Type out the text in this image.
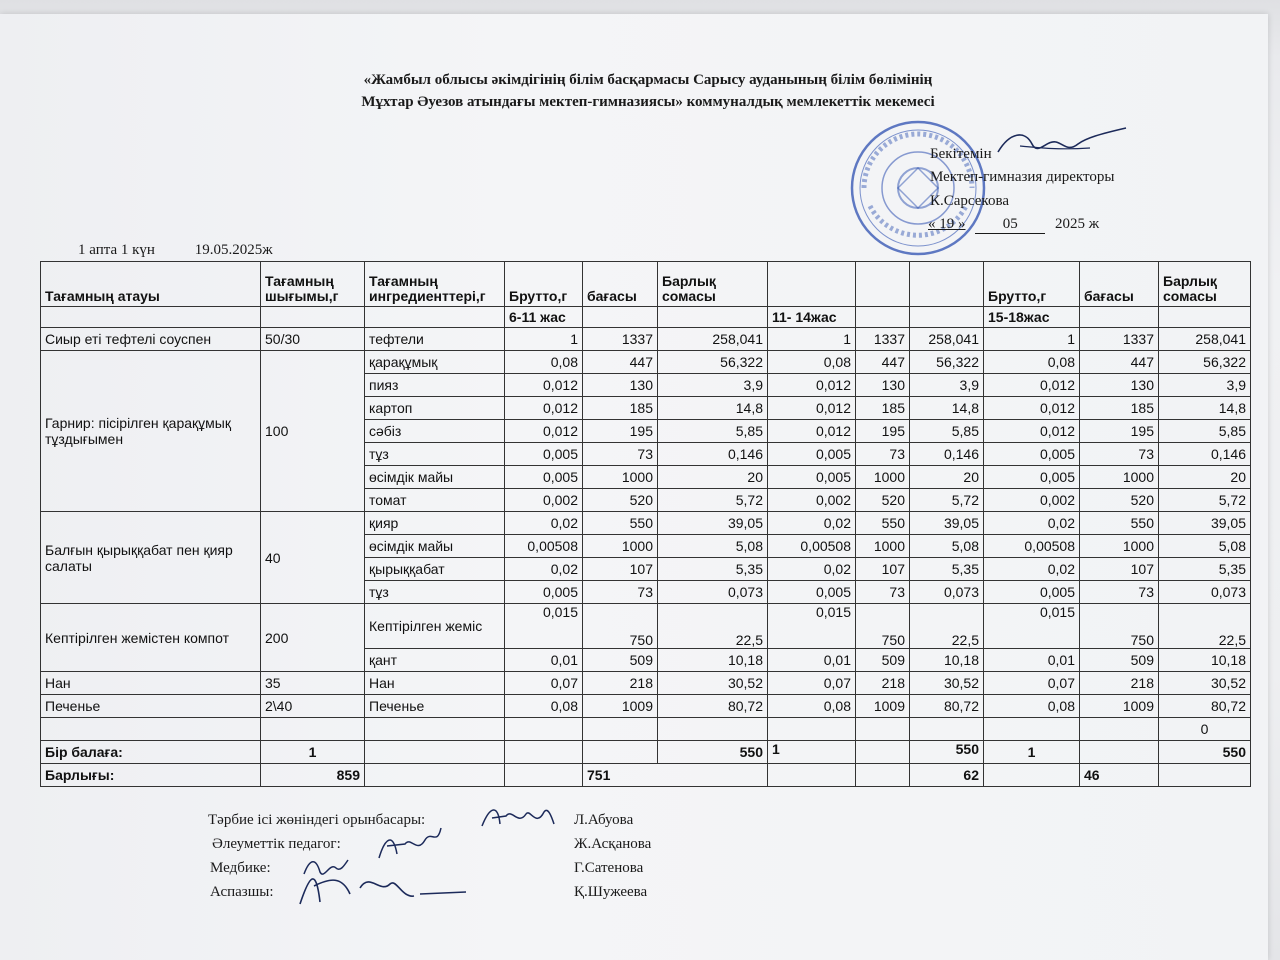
«Жамбыл облысы әкімдігінің білім басқармасы Сарысу ауданының білім бөлімінің
Мұхтар Әуезов атындағы мектеп-гимназиясы» коммуналдық мемлекеттік мекемесі
Бекітемін
Мектеп-гимназия директоры
К.Сарсекова
« 19 » 05 2025 ж
1 апта 1 күн	19.05.2025ж
Тағамның атауы	Тағамның шығымы,г	Тағамның ингредиенттері,г	Брутто,г	бағасы	Барлық сомасы				Брутто,г	бағасы	Барлық сомасы
			6-11 жас			11- 14жас			15-18жас		
Сиыр еті тефтелі соуспен	50/30	тефтели	1	1337	258,041	1	1337	258,041	1	1337	258,041
Гарнир: пісірілген қарақұмық тұздығымен	100	қарақұмық	0,08	447	56,322	0,08	447	56,322	0,08	447	56,322
		пияз	0,012	130	3,9	0,012	130	3,9	0,012	130	3,9
		картоп	0,012	185	14,8	0,012	185	14,8	0,012	185	14,8
		сәбіз	0,012	195	5,85	0,012	195	5,85	0,012	195	5,85
		тұз	0,005	73	0,146	0,005	73	0,146	0,005	73	0,146
		өсімдік майы	0,005	1000	20	0,005	1000	20	0,005	1000	20
		томат	0,002	520	5,72	0,002	520	5,72	0,002	520	5,72
Балғын қырыққабат пен қияр салаты	40	қияр	0,02	550	39,05	0,02	550	39,05	0,02	550	39,05
		өсімдік майы	0,00508	1000	5,08	0,00508	1000	5,08	0,00508	1000	5,08
		қырыққабат	0,02	107	5,35	0,02	107	5,35	0,02	107	5,35
		тұз	0,005	73	0,073	0,005	73	0,073	0,005	73	0,073
Кептірілген жемістен компот	200	Кептірілген жеміс	0,015	750	22,5	0,015	750	22,5	0,015	750	22,5
		қант	0,01	509	10,18	0,01	509	10,18	0,01	509	10,18
Нан	35	Нан	0,07	218	30,52	0,07	218	30,52	0,07	218	30,52
Печенье	2\40	Печенье	0,08	1009	80,72	0,08	1009	80,72	0,08	1009	80,72
											0
Бір балаға:	1				550	1		550	1		550
Барлығы:	859			751				62		46	
Тәрбие ісі жөніндегі орынбасары:	Л.Абуова
Әлеуметтік педагог:	Ж.Асқанова
Медбике:	Г.Сатенова
Аспазшы:	Қ.Шужеева
